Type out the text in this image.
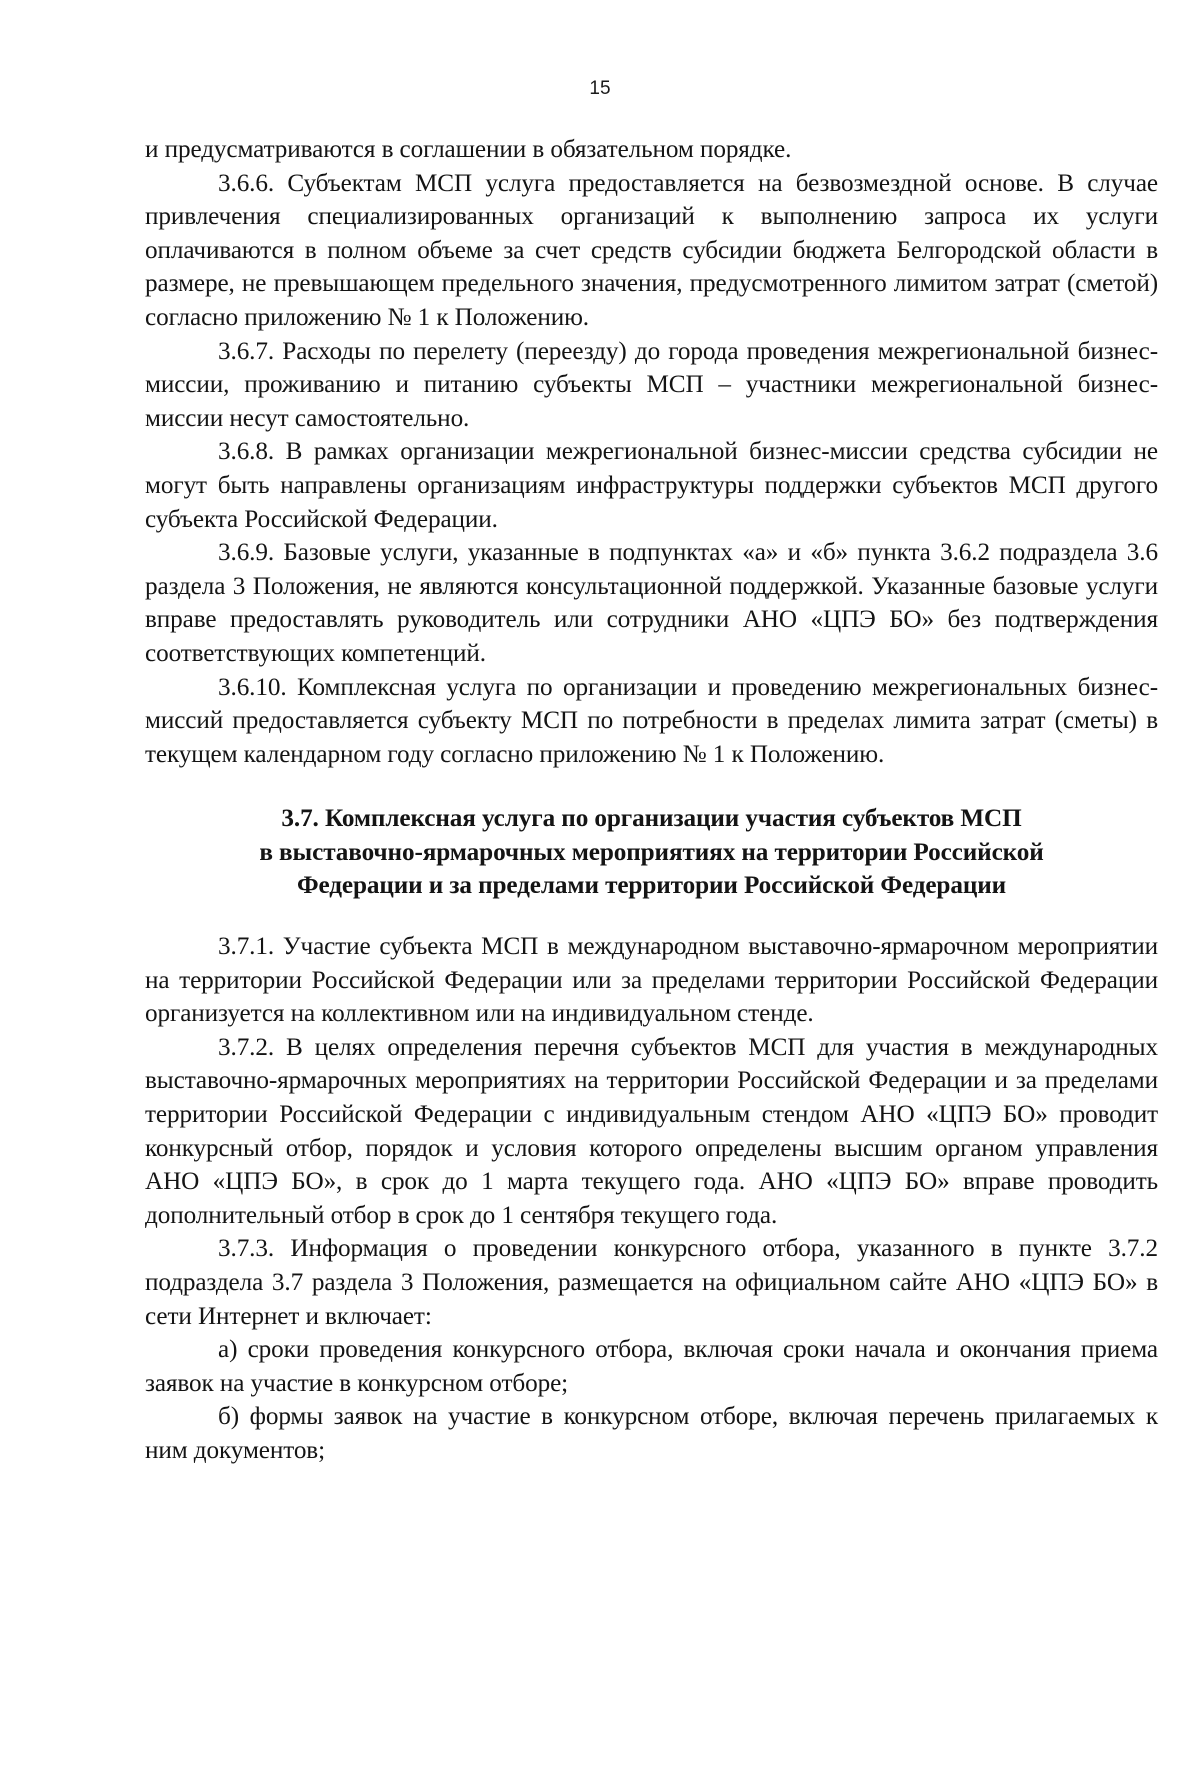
15

и предусматриваются в соглашении в обязательном порядке.

3.6.6. Субъектам МСП услуга предоставляется на безвозмездной основе. В случае привлечения специализированных организаций к выполнению запроса их услуги оплачиваются в полном объеме за счет средств субсидии бюджета Белгородской области в размере, не превышающем предельного значения, предусмотренного лимитом затрат (сметой) согласно приложению № 1 к Положению.

3.6.7. Расходы по перелету (переезду) до города проведения межрегиональной бизнес-миссии, проживанию и питанию субъекты МСП – участники межрегиональной бизнес-миссии несут самостоятельно.

3.6.8. В рамках организации межрегиональной бизнес-миссии средства субсидии не могут быть направлены организациям инфраструктуры поддержки субъектов МСП другого субъекта Российской Федерации.

3.6.9. Базовые услуги, указанные в подпунктах «а» и «б» пункта 3.6.2 подраздела 3.6 раздела 3 Положения, не являются консультационной поддержкой. Указанные базовые услуги вправе предоставлять руководитель или сотрудники АНО «ЦПЭ БО» без подтверждения соответствующих компетенций.

3.6.10. Комплексная услуга по организации и проведению межрегиональных бизнес-миссий предоставляется субъекту МСП по потребности в пределах лимита затрат (сметы) в текущем календарном году согласно приложению № 1 к Положению.

3.7. Комплексная услуга по организации участия субъектов МСП
в выставочно-ярмарочных мероприятиях на территории Российской
Федерации и за пределами территории Российской Федерации

3.7.1. Участие субъекта МСП в международном выставочно-ярмарочном мероприятии на территории Российской Федерации или за пределами территории Российской Федерации организуется на коллективном или на индивидуальном стенде.

3.7.2. В целях определения перечня субъектов МСП для участия в международных выставочно-ярмарочных мероприятиях на территории Российской Федерации и за пределами территории Российской Федерации с индивидуальным стендом АНО «ЦПЭ БО» проводит конкурсный отбор, порядок и условия которого определены высшим органом управления АНО «ЦПЭ БО», в срок до 1 марта текущего года. АНО «ЦПЭ БО» вправе проводить дополнительный отбор в срок до 1 сентября текущего года.

3.7.3. Информация о проведении конкурсного отбора, указанного в пункте 3.7.2 подраздела 3.7 раздела 3 Положения, размещается на официальном сайте АНО «ЦПЭ БО» в сети Интернет и включает:

а) сроки проведения конкурсного отбора, включая сроки начала и окончания приема заявок на участие в конкурсном отборе;

б) формы заявок на участие в конкурсном отборе, включая перечень прилагаемых к ним документов;
